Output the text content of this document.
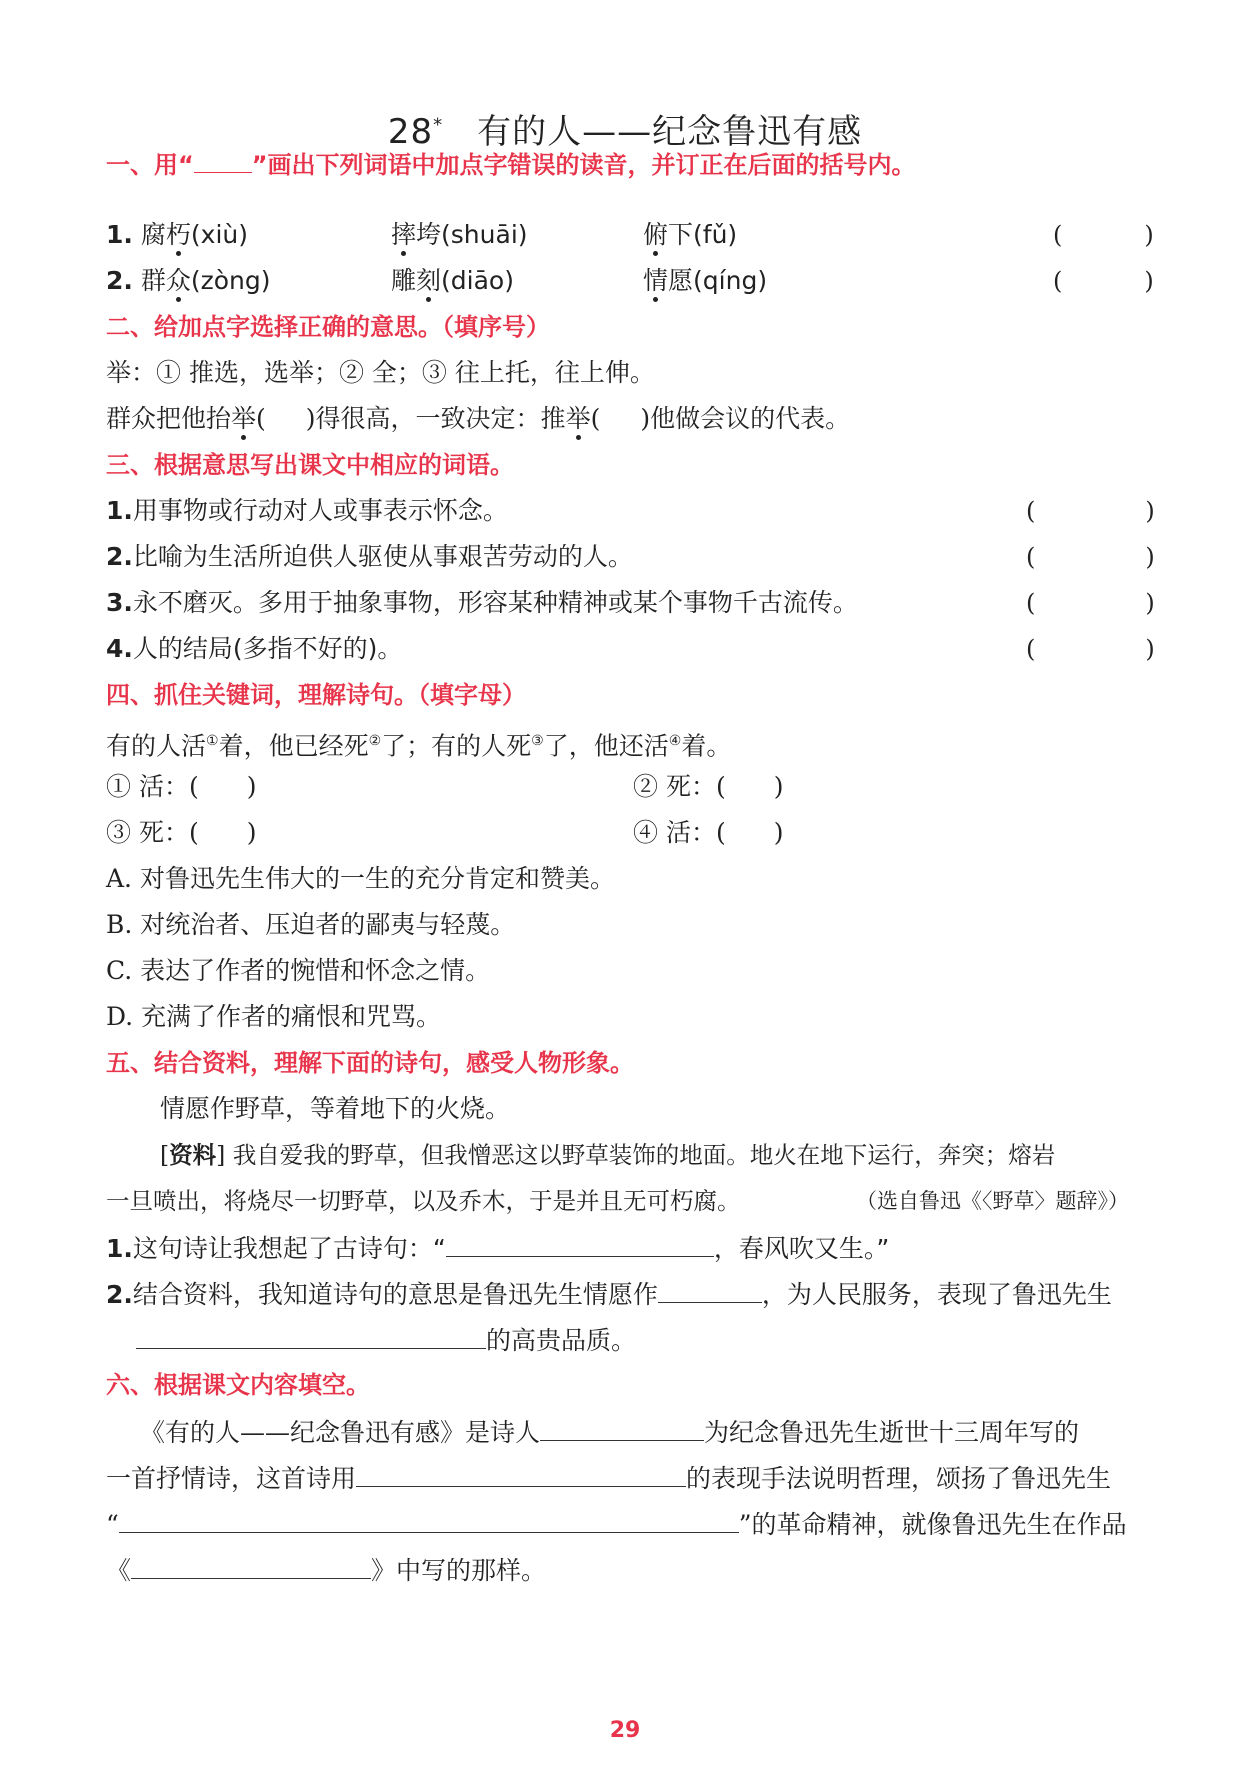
28* 有的人——纪念鲁迅有感
一、用“ ”画出下列词语中加点字错误的读音，并订正在后面的括号内。
1. 腐朽(xiù)	摔垮(shuāi)	俯下(fǔ)	(	)
2. 群众(zòng)	雕刻(diāo)	情愿(qíng)	(	)
二、给加点字选择正确的意思。（填序号）
举：① 推选，选举；② 全；③ 往上托，往上伸。
群众把他抬举( )得很高，一致决定：推举( )他做会议的代表。
三、根据意思写出课文中相应的词语。
1.用事物或行动对人或事表示怀念。	(	)
2.比喻为生活所迫供人驱使从事艰苦劳动的人。	(	)
3.永不磨灭。多用于抽象事物，形容某种精神或某个事物千古流传。	(	)
4.人的结局(多指不好的)。	(	)
四、抓住关键词，理解诗句。（填字母）
有的人活①着，他已经死②了；有的人死③了，他还活④着。
① 活：( )	② 死：( )
③ 死：( )	④ 活：( )
A. 对鲁迅先生伟大的一生的充分肯定和赞美。
B. 对统治者、压迫者的鄙夷与轻蔑。
C. 表达了作者的惋惜和怀念之情。
D. 充满了作者的痛恨和咒骂。
五、结合资料，理解下面的诗句，感受人物形象。
情愿作野草，等着地下的火烧。
[资料] 我自爱我的野草，但我憎恶这以野草装饰的地面。地火在地下运行，奔突；熔岩
一旦喷出，将烧尽一切野草，以及乔木，于是并且无可朽腐。	（选自鲁迅《〈野草〉题辞》）
1.这句诗让我想起了古诗句：“	，春风吹又生。”
2.结合资料，我知道诗句的意思是鲁迅先生情愿作	，为人民服务，表现了鲁迅先生
的高贵品质。
六、根据课文内容填空。
《有的人——纪念鲁迅有感》是诗人	为纪念鲁迅先生逝世十三周年写的
一首抒情诗，这首诗用	的表现手法说明哲理，颂扬了鲁迅先生
“	”的革命精神，就像鲁迅先生在作品
《	》中写的那样。
29
